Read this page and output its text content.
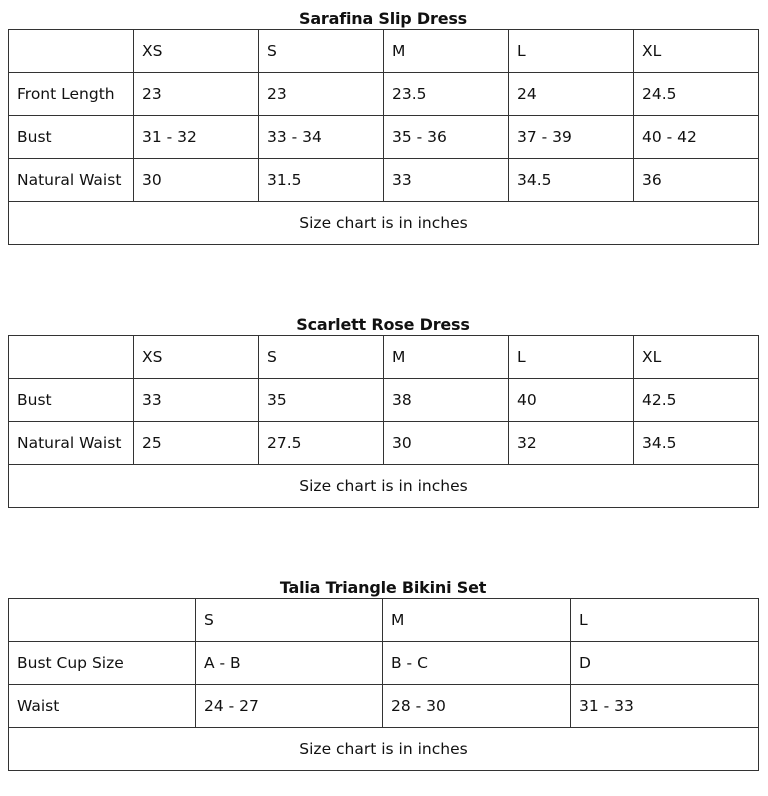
Sarafina Slip Dress
	XS	S	M	L	XL
Front Length	23	23	23.5	24	24.5
Bust	31 - 32	33 - 34	35 - 36	37 - 39	40 - 42
Natural Waist	30	31.5	33	34.5	36
Size chart is in inches					
Scarlett Rose Dress
	XS	S	M	L	XL
Bust	33	35	38	40	42.5
Natural Waist	25	27.5	30	32	34.5
Size chart is in inches					
Talia Triangle Bikini Set
	S	M	L
Bust Cup Size	A - B	B - C	D
Waist	24 - 27	28 - 30	31 - 33
Size chart is in inches			
